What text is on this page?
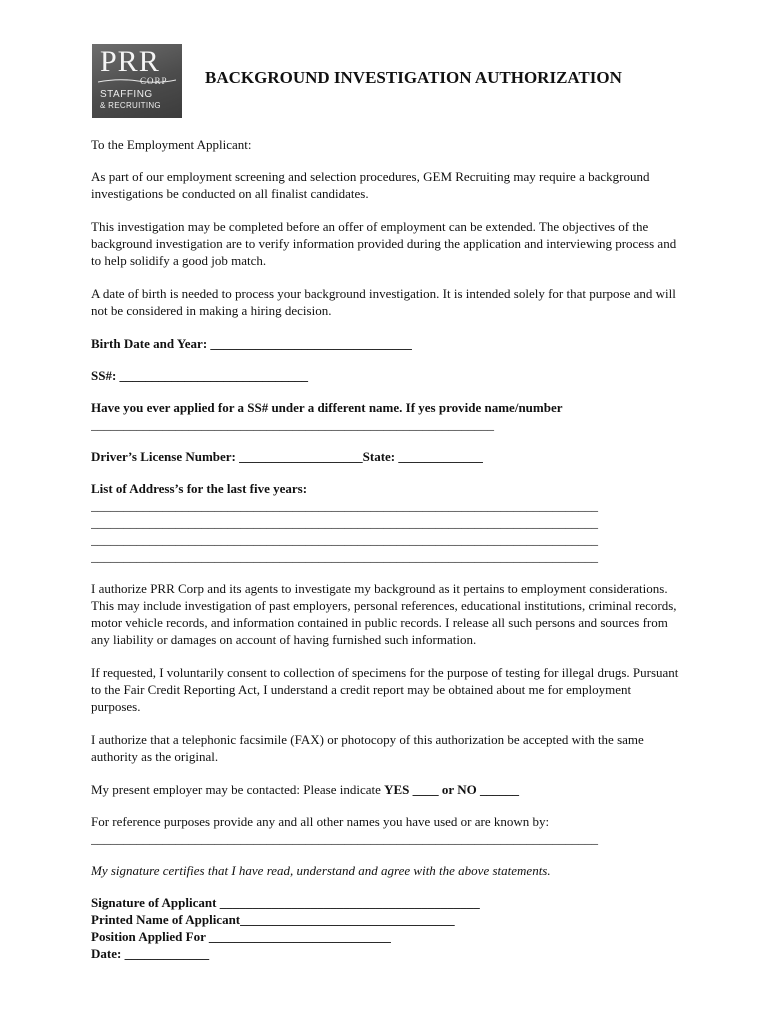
PRR
CORP
STAFFING
& RECRUITING
BACKGROUND INVESTIGATION AUTHORIZATION

To the Employment Applicant:

As part of our employment screening and selection procedures, GEM Recruiting may require a background investigations be conducted on all finalist candidates.

This investigation may be completed before an offer of employment can be extended. The objectives of the background investigation are to verify information provided during the application and interviewing process and to help solidify a good job match.

A date of birth is needed to process your background investigation. It is intended solely for that purpose and will not be considered in making a hiring decision.

Birth Date and Year: _______________________________

SS#: _____________________________

Have you ever applied for a SS# under a different name. If yes provide name/number

______________________________________________________________

Driver’s License Number: ___________________State: _____________

List of Address’s for the last five years:

______________________________________________________________________________

______________________________________________________________________________

______________________________________________________________________________

______________________________________________________________________________

I authorize PRR Corp and its agents to investigate my background as it pertains to employment considerations. This may include investigation of past employers, personal references, educational institutions, criminal records, motor vehicle records, and information contained in public records. I release all such persons and sources from any liability or damages on account of having furnished such information.

If requested, I voluntarily consent to collection of specimens for the purpose of testing for illegal drugs. Pursuant to the Fair Credit Reporting Act, I understand a credit report may be obtained about me for employment purposes.

I authorize that a telephonic facsimile (FAX) or photocopy of this authorization be accepted with the same authority as the original.

My present employer may be contacted: Please indicate YES ____ or NO ______

For reference purposes provide any and all other names you have used or are known by:

______________________________________________________________________________

My signature certifies that I have read, understand and agree with the above statements.

Signature of Applicant ________________________________________

Printed Name of Applicant_________________________________

Position Applied For ____________________________

Date: _____________
